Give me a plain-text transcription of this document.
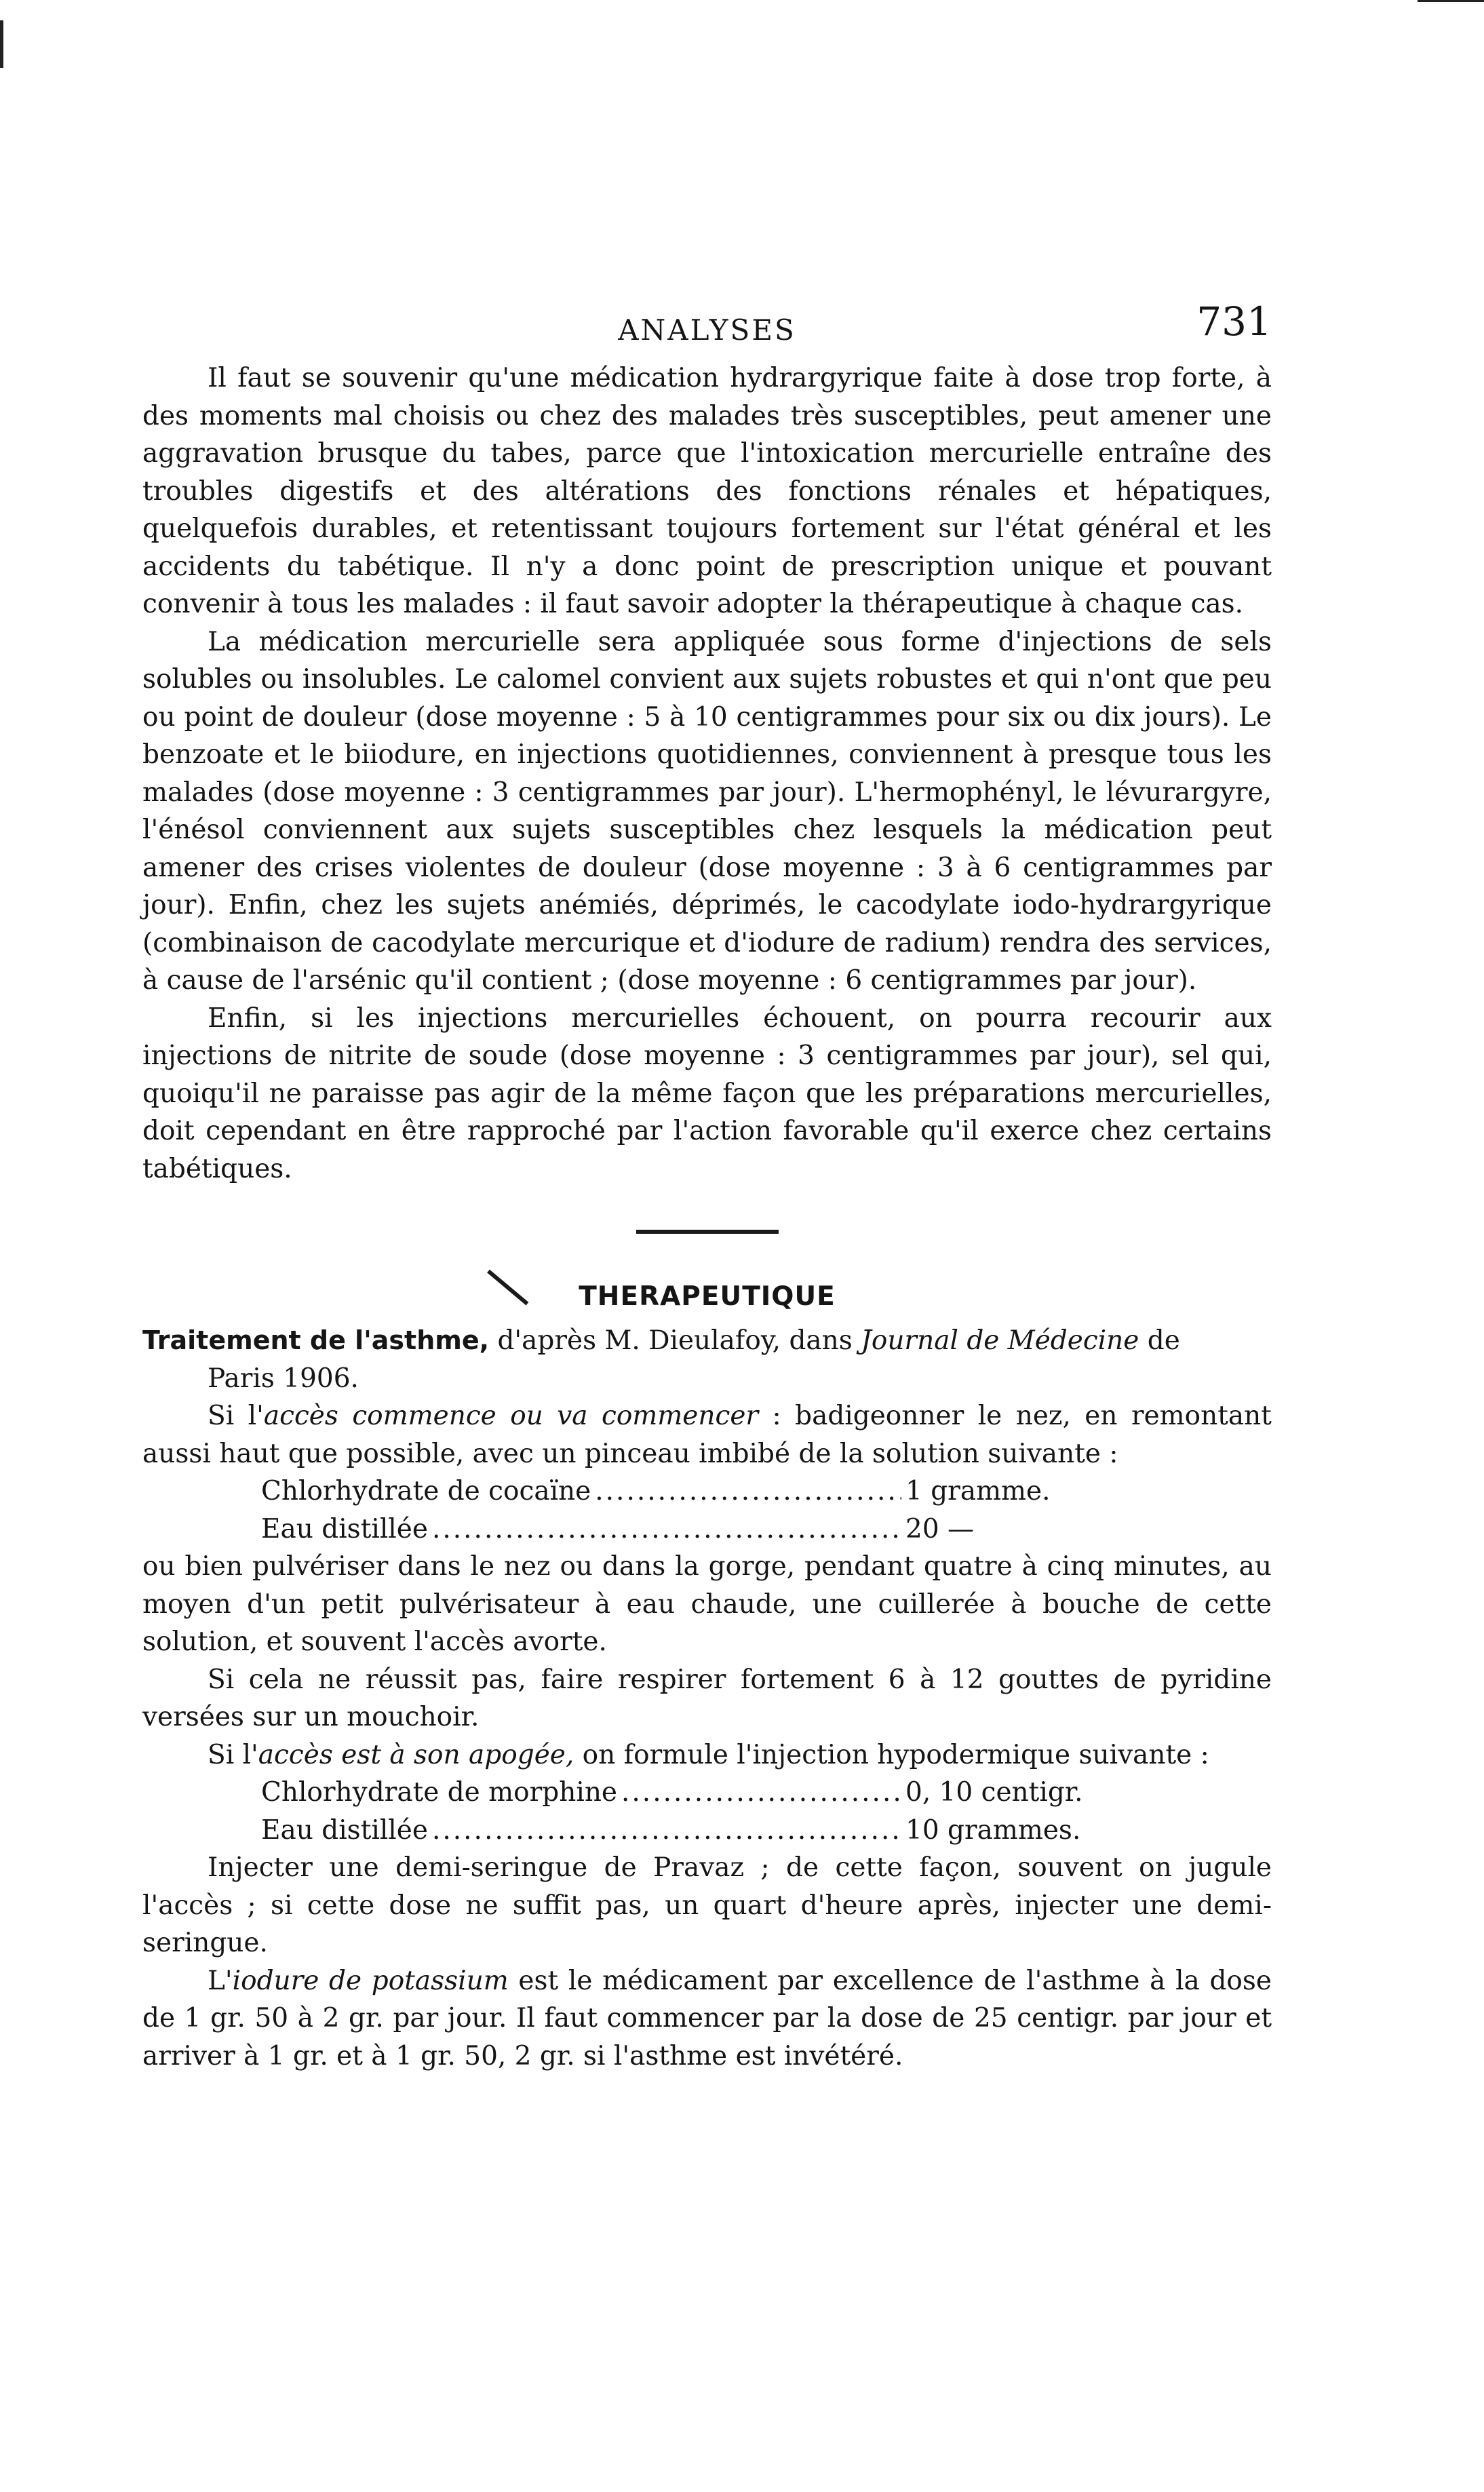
ANALYSES	731

Il faut se souvenir qu'une médication hydrargyrique faite à dose trop forte, à des moments mal choisis ou chez des malades très susceptibles, peut amener une aggravation brusque du tabes, parce que l'intoxication mercurielle entraîne des troubles digestifs et des altérations des fonctions rénales et hépatiques, quelquefois durables, et retentissant toujours fortement sur l'état général et les accidents du tabétique. Il n'y a donc point de prescription unique et pouvant convenir à tous les malades : il faut savoir adopter la thérapeutique à chaque cas.

La médication mercurielle sera appliquée sous forme d'injections de sels solubles ou insolubles. Le calomel convient aux sujets robustes et qui n'ont que peu ou point de douleur (dose moyenne : 5 à 10 centigrammes pour six ou dix jours). Le benzoate et le biiodure, en injections quotidiennes, conviennent à presque tous les malades (dose moyenne : 3 centigrammes par jour). L'hermophényl, le lévurargyre, l'énésol conviennent aux sujets susceptibles chez lesquels la médication peut amener des crises violentes de douleur (dose moyenne : 3 à 6 centigrammes par jour). Enfin, chez les sujets anémiés, déprimés, le cacodylate iodo-hydrargyrique (combinaison de cacodylate mercurique et d'iodure de radium) rendra des services, à cause de l'arsénic qu'il contient ; (dose moyenne : 6 centigrammes par jour).

Enfin, si les injections mercurielles échouent, on pourra recourir aux injections de nitrite de soude (dose moyenne : 3 centigrammes par jour), sel qui, quoiqu'il ne paraisse pas agir de la même façon que les préparations mercurielles, doit cependant en être rapproché par l'action favorable qu'il exerce chez certains tabétiques.

THERAPEUTIQUE

Traitement de l'asthme, d'après M. Dieulafoy, dans Journal de Médecine de

Paris 1906.

Si l'accès commence ou va commencer : badigeonner le nez, en remontant aussi haut que possible, avec un pinceau imbibé de la solution suivante :

Chlorhydrate de cocaïne .....	1 gramme.
Eau distillée .....	20 —

ou bien pulvériser dans le nez ou dans la gorge, pendant quatre à cinq minutes, au moyen d'un petit pulvérisateur à eau chaude, une cuillerée à bouche de cette solution, et souvent l'accès avorte.

Si cela ne réussit pas, faire respirer fortement 6 à 12 gouttes de pyridine versées sur un mouchoir.

Si l'accès est à son apogée, on formule l'injection hypodermique suivante :

Chlorhydrate de morphine .....	0, 10 centigr.
Eau distillée .....	10 grammes.

Injecter une demi-seringue de Pravaz ; de cette façon, souvent on jugule l'accès ; si cette dose ne suffit pas, un quart d'heure après, injecter une demi-seringue.

L'iodure de potassium est le médicament par excellence de l'asthme à la dose de 1 gr. 50 à 2 gr. par jour. Il faut commencer par la dose de 25 centigr. par jour et arriver à 1 gr. et à 1 gr. 50, 2 gr. si l'asthme est invétéré.
